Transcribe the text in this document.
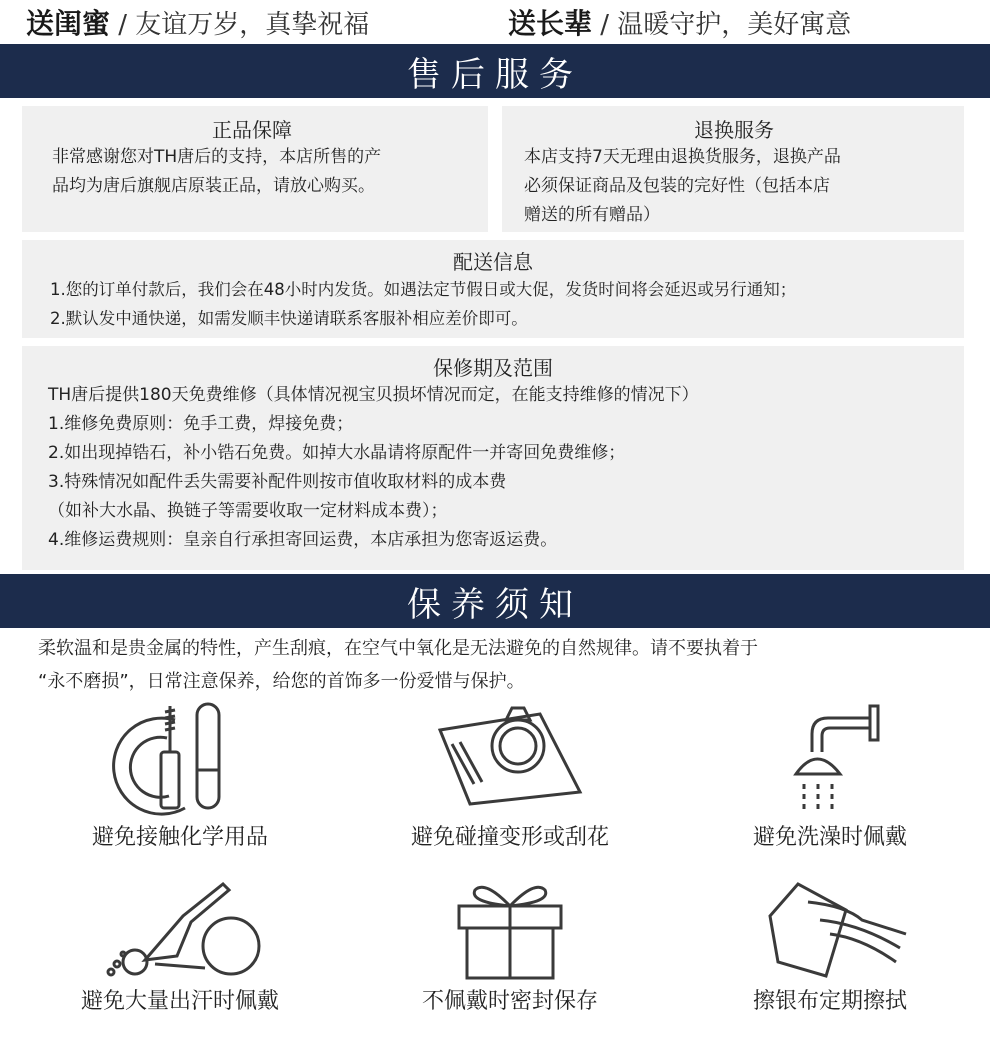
送闺蜜 / 友谊万岁，真挚祝福	送长辈 / 温暖守护，美好寓意
售后服务
正品保障
非常感谢您对TH唐后的支持，本店所售的产
品均为唐后旗舰店原装正品，请放心购买。
退换服务
本店支持7天无理由退换货服务，退换产品
必须保证商品及包装的完好性（包括本店
赠送的所有赠品）
配送信息
1.您的订单付款后，我们会在48小时内发货。如遇法定节假日或大促，发货时间将会延迟或另行通知；
2.默认发中通快递，如需发顺丰快递请联系客服补相应差价即可。
保修期及范围
TH唐后提供180天免费维修（具体情况视宝贝损坏情况而定，在能支持维修的情况下）
1.维修免费原则：免手工费，焊接免费；
2.如出现掉锆石，补小锆石免费。如掉大水晶请将原配件一并寄回免费维修；
3.特殊情况如配件丢失需要补配件则按市值收取材料的成本费
（如补大水晶、换链子等需要收取一定材料成本费）；
4.维修运费规则：皇亲自行承担寄回运费，本店承担为您寄返运费。
保养须知
柔软温和是贵金属的特性，产生刮痕，在空气中氧化是无法避免的自然规律。请不要执着于
“永不磨损”，日常注意保养，给您的首饰多一份爱惜与保护。
避免接触化学用品	避免碰撞变形或刮花	避免洗澡时佩戴
避免大量出汗时佩戴	不佩戴时密封保存	擦银布定期擦拭
